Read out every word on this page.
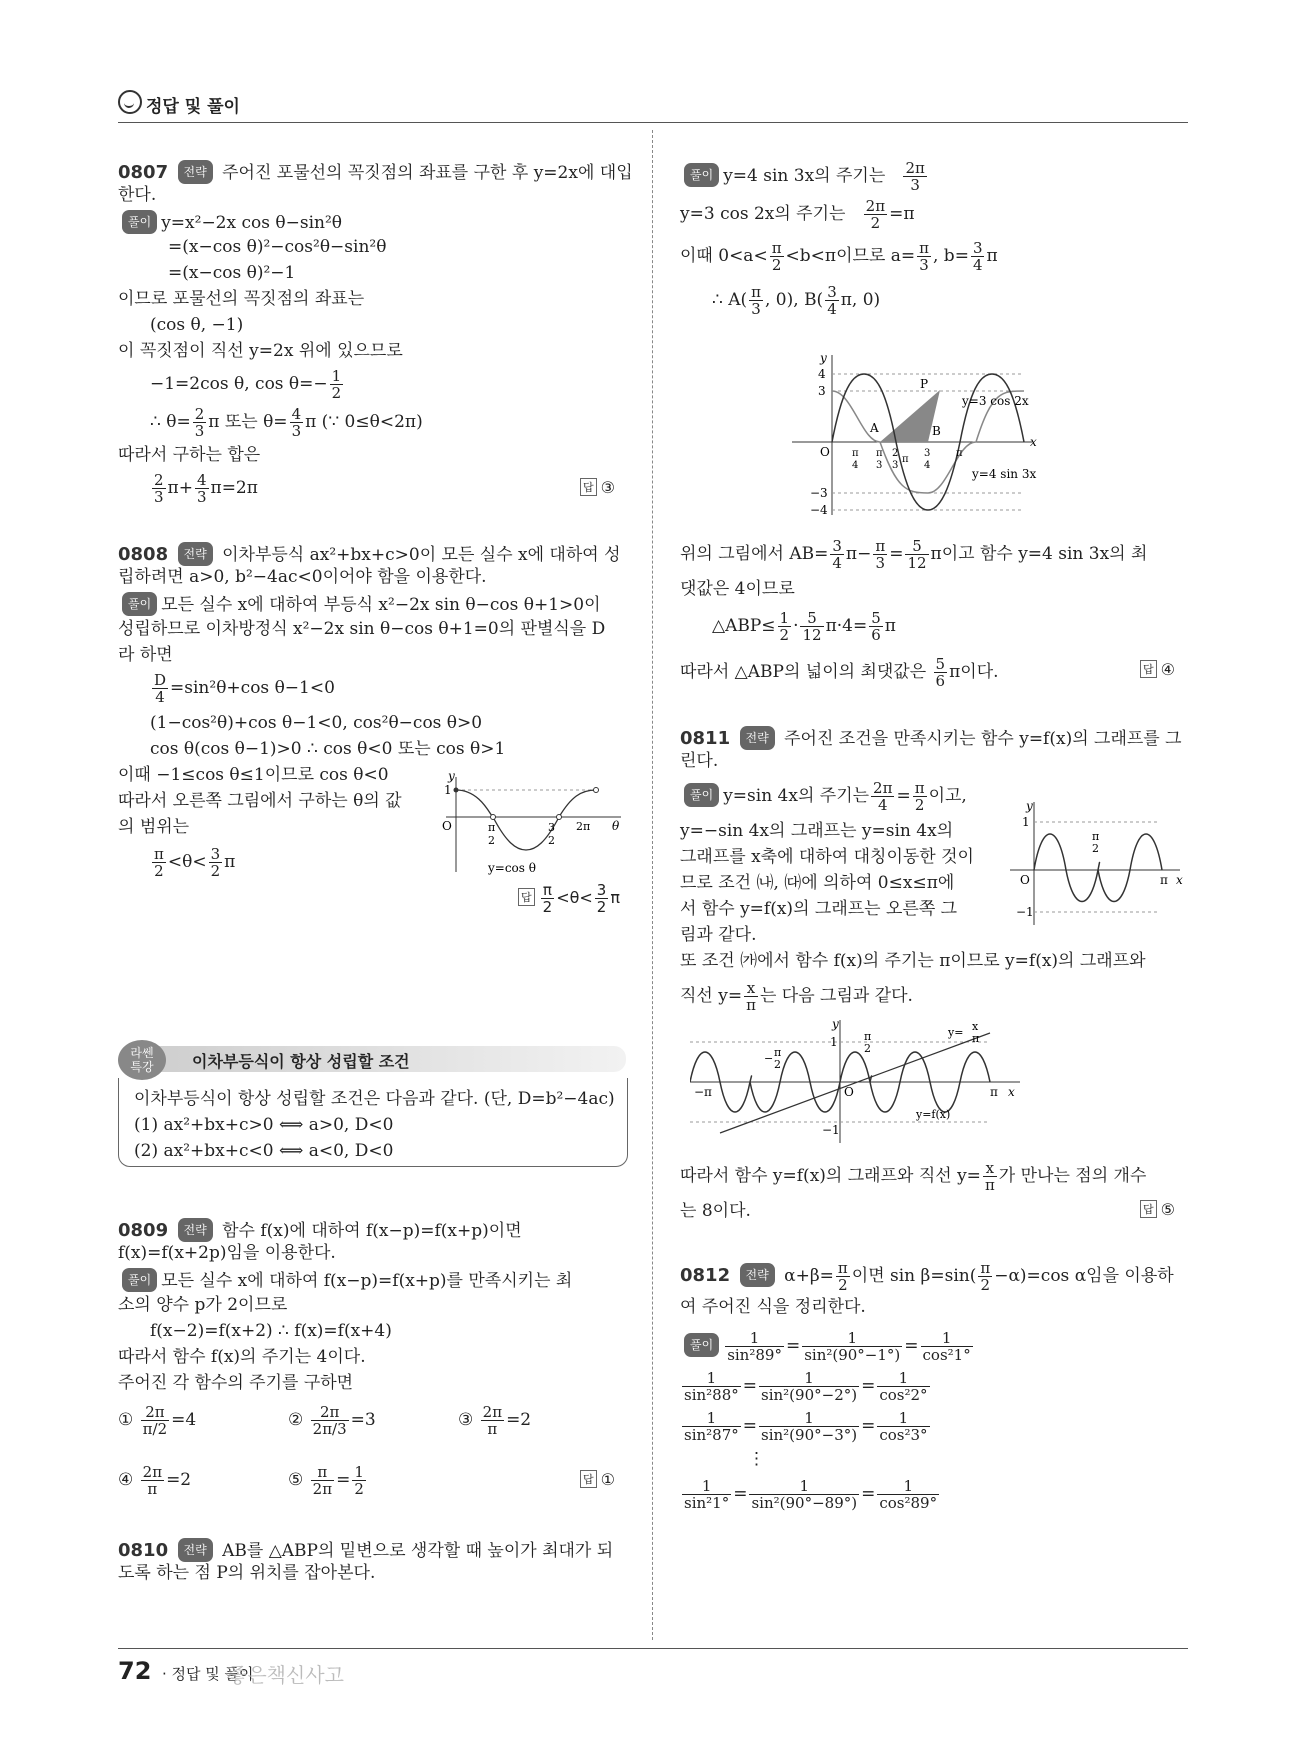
정답 및 풀이
0807 전략 주어진 포물선의 꼭짓점의 좌표를 구한 후 y=2x에 대입
한다.
풀이 y=x²−2x cos θ−sin²θ
=(x−cos θ)²−cos²θ−sin²θ
=(x−cos θ)²−1
이므로 포물선의 꼭짓점의 좌표는
(cos θ, −1)
이 꼭짓점이 직선 y=2x 위에 있으므로
−1=2cos θ, $\cos \theta=- \frac{1}{2}$
∴ $\theta= \frac{2}{3}$ π 또는 $\theta= \frac{4}{3}$ π (∵ 0≤θ<2π)
따라서 구하는 합은
$\frac{2}{3} \pi+ \frac{4}{3} \pi=2\pi$	답 ③
0808 전략 이차부등식 ax²+bx+c>0이 모든 실수 x에 대하여 성
립하려면 a>0, b²−4ac<0이어야 함을 이용한다.
풀이 모든 실수 x에 대하여 부등식 x²−2x sin θ−cos θ+1>0이
성립하므로 이차방정식 x²−2x sin θ−cos θ+1=0의 판별식을 D
라 하면
$\frac{D}{4} =\sin^2\theta+\cos$ θ−1<0
(1−cos²θ)+cos θ−1<0, cos²θ−cos θ>0
cos θ(cos θ−1)>0 ∴ cos θ<0 또는 cos θ>1
이때 −1≤cos θ≤1이므로 cos θ<0
따라서 오른쪽 그림에서 구하는 θ의 값
의 범위는
$\frac{\pi}{2} <\theta< \frac{3}{2}$ π
y
1
O	π
2
3
2
2π θ
y=cos θ
답 $\frac{\pi}{2} <\theta< \frac{3}{2}$ π
이차부등식이 항상 성립할 조건
라쎈
특강
이차부등식이 항상 성립할 조건은 다음과 같다. (단, D=b²−4ac)
(1) ax²+bx+c>0 ⟺ a>0, D<0
(2) ax²+bx+c<0 ⟺ a<0, D<0
0809 전략 함수 f(x)에 대하여 f(x−p)=f(x+p)이면
f(x)=f(x+2p)임을 이용한다.
풀이 모든 실수 x에 대하여 f(x−p)=f(x+p)를 만족시키는 최
소의 양수 p가 2이므로
f(x−2)=f(x+2) ∴ f(x)=f(x+4)
따라서 함수 f(x)의 주기는 4이다.
주어진 각 함수의 주기를 구하면
① $\frac{2\pi}{\pi/2} =4$	② $\frac{2\pi}{2\pi/3} =3$	③ $\frac{2\pi}{\pi} =2$
④ $\frac{2\pi}{\pi} =2$	⑤ $\frac{\pi}{2\pi} = \frac{1}{2}$	답 ①
0810 전략 AB를 △ABP의 밑변으로 생각할 때 높이가 최대가 되
도록 하는 점 P의 위치를 잡아본다.
풀이 y=4 sin 3x의 주기는 $\frac{2\pi}{3}$
y=3 cos 2x의 주기는 $\frac{2\pi}{2} =\pi$
이때 $0<a< \frac{\pi}{2} <b<\pi$이므로 $a= \frac{\pi}{3}$ , $b= \frac{3}{4}$ π
∴ $A( \frac{\pi}{3}$ , 0), $B( \frac{3}{4} \pi$, 0)
y
4
3
−3
−4
O
A	B
P
y=3 cos 2x
y=4 sin 3x
x
π
4
π
3
2
3
π
3
4
π
위의 그림에서 $AB= \frac{3}{4} \pi- \frac{\pi}{3} = \frac{5}{12}$ π이고 함수 y=4 sin 3x의 최
댓값은 4이므로
△ABP≤ $\frac{1}{2} \cdot \frac{5}{12} \pi\cdot 4= \frac{5}{6}$ π
따라서 △ABP의 넓이의 최댓값은 $\frac{5}{6}$ π이다.	답 ④
0811 전략 주어진 조건을 만족시키는 함수 y=f(x)의 그래프를 그
린다.
풀이 y=sin 4x의 주기는 $\frac{2\pi}{4} = \frac{\pi}{2}$ 이고,
y=−sin 4x의 그래프는 y=sin 4x의
그래프를 x축에 대하여 대칭이동한 것이
므로 조건 ㈏, ㈐에 의하여 0≤x≤π에
서 함수 y=f(x)의 그래프는 오른쪽 그
림과 같다.
또 조건 ㈎에서 함수 f(x)의 주기는 π이므로 y=f(x)의 그래프와
직선 $y= \frac{x}{\pi}$ 는 다음 그림과 같다.
y
1
−1
O
π
2
π x
y
1
−1
O
−π
− π
2
π
2
π x
y= x
π
y=f(x)
따라서 함수 y=f(x)의 그래프와 직선 $y= \frac{x}{\pi}$ 가 만나는 점의 개수
는 8이다.	답 ⑤
0812 전략 $\alpha+\beta= \frac{\pi}{2}$ 이면 $\sin \beta=\sin( \frac{\pi}{2} -\alpha)=\cos$ α임을 이용하
여 주어진 식을 정리한다.
풀이 $\frac{1}{\text{sin²89°}} = \frac{1}{\text{sin²(90°−1°)}} = \frac{1}{\text{cos²1°}}$
$\frac{1}{\text{sin²88°}} = \frac{1}{\text{sin²(90°−2°)}} = \frac{1}{\text{cos²2°}}$
$\frac{1}{\text{sin²87°}} = \frac{1}{\text{sin²(90°−3°)}} = \frac{1}{\text{cos²3°}}$
⋮
$\frac{1}{\text{sin²1°}} = \frac{1}{\text{sin²(90°−89°)}} = \frac{1}{\text{cos²89°}}$
72 · 정답 및 풀이
좋은책신사고
